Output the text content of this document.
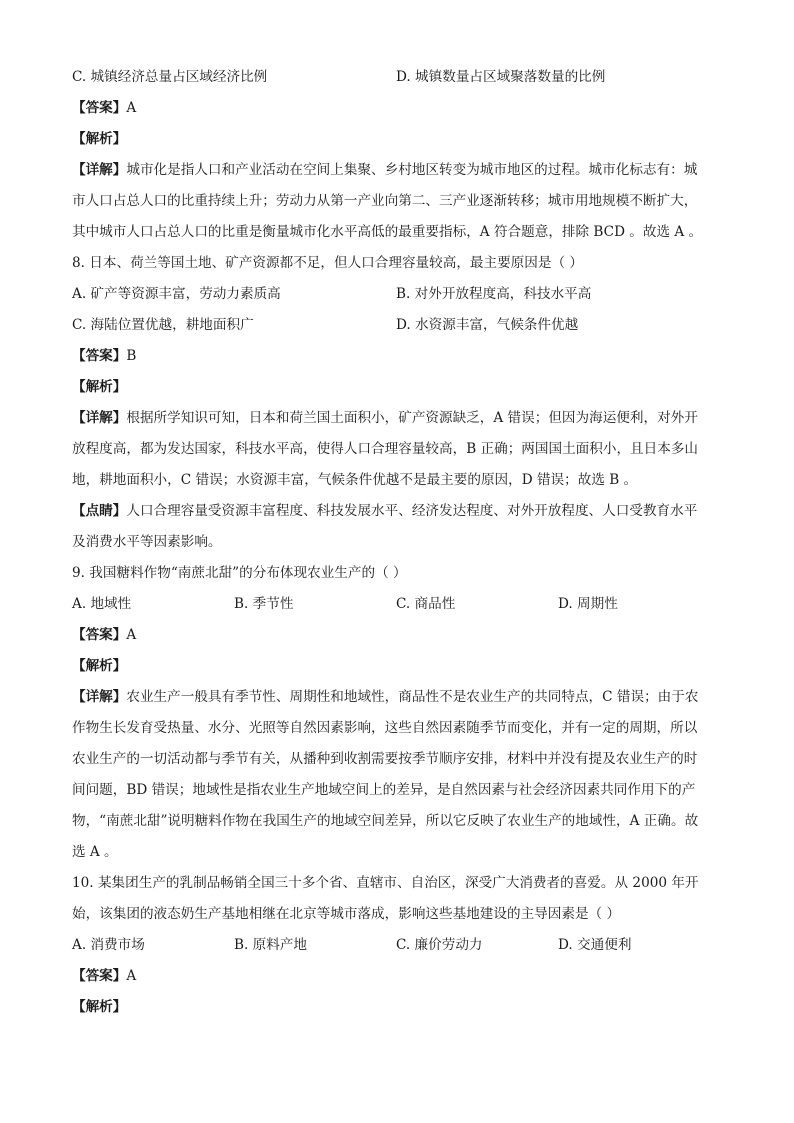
C. 城镇经济总量占区域经济比例	D. 城镇数量占区域聚落数量的比例
【答案】A
【解析】
【详解】城市化是指人口和产业活动在空间上集聚、乡村地区转变为城市地区的过程。城市化标志有：城
市人口占总人口的比重持续上升；劳动力从第一产业向第二、三产业逐渐转移；城市用地规模不断扩大，
其中城市人口占总人口的比重是衡量城市化水平高低的最重要指标，A 符合题意，排除 BCD 。故选 A 。
8. 日本、荷兰等国土地、矿产资源都不足，但人口合理容量较高，最主要原因是（ ）
A. 矿产等资源丰富，劳动力素质高	B. 对外开放程度高，科技水平高
C. 海陆位置优越，耕地面积广	D. 水资源丰富，气候条件优越
【答案】B
【解析】
【详解】根据所学知识可知，日本和荷兰国土面积小，矿产资源缺乏，A 错误；但因为海运便利，对外开
放程度高，都为发达国家，科技水平高，使得人口合理容量较高，B 正确；两国国土面积小，且日本多山
地，耕地面积小，C 错误；水资源丰富，气候条件优越不是最主要的原因，D 错误；故选 B 。
【点睛】人口合理容量受资源丰富程度、科技发展水平、经济发达程度、对外开放程度、人口受教育水平
及消费水平等因素影响。
9. 我国糖料作物“南蔗北甜”的分布体现农业生产的（ ）
A. 地域性	B. 季节性	C. 商品性	D. 周期性
【答案】A
【解析】
【详解】农业生产一般具有季节性、周期性和地域性，商品性不是农业生产的共同特点，C 错误；由于农
作物生长发育受热量、水分、光照等自然因素影响，这些自然因素随季节而变化，并有一定的周期，所以
农业生产的一切活动都与季节有关，从播种到收割需要按季节顺序安排，材料中并没有提及农业生产的时
间问题，BD 错误；地域性是指农业生产地域空间上的差异，是自然因素与社会经济因素共同作用下的产
物，“南蔗北甜”说明糖料作物在我国生产的地域空间差异，所以它反映了农业生产的地域性，A 正确。故
选 A 。
10. 某集团生产的乳制品畅销全国三十多个省、直辖市、自治区，深受广大消费者的喜爱。从 2000 年开
始，该集团的液态奶生产基地相继在北京等城市落成，影响这些基地建设的主导因素是（ ）
A. 消费市场	B. 原料产地	C. 廉价劳动力	D. 交通便利
【答案】A
【解析】
